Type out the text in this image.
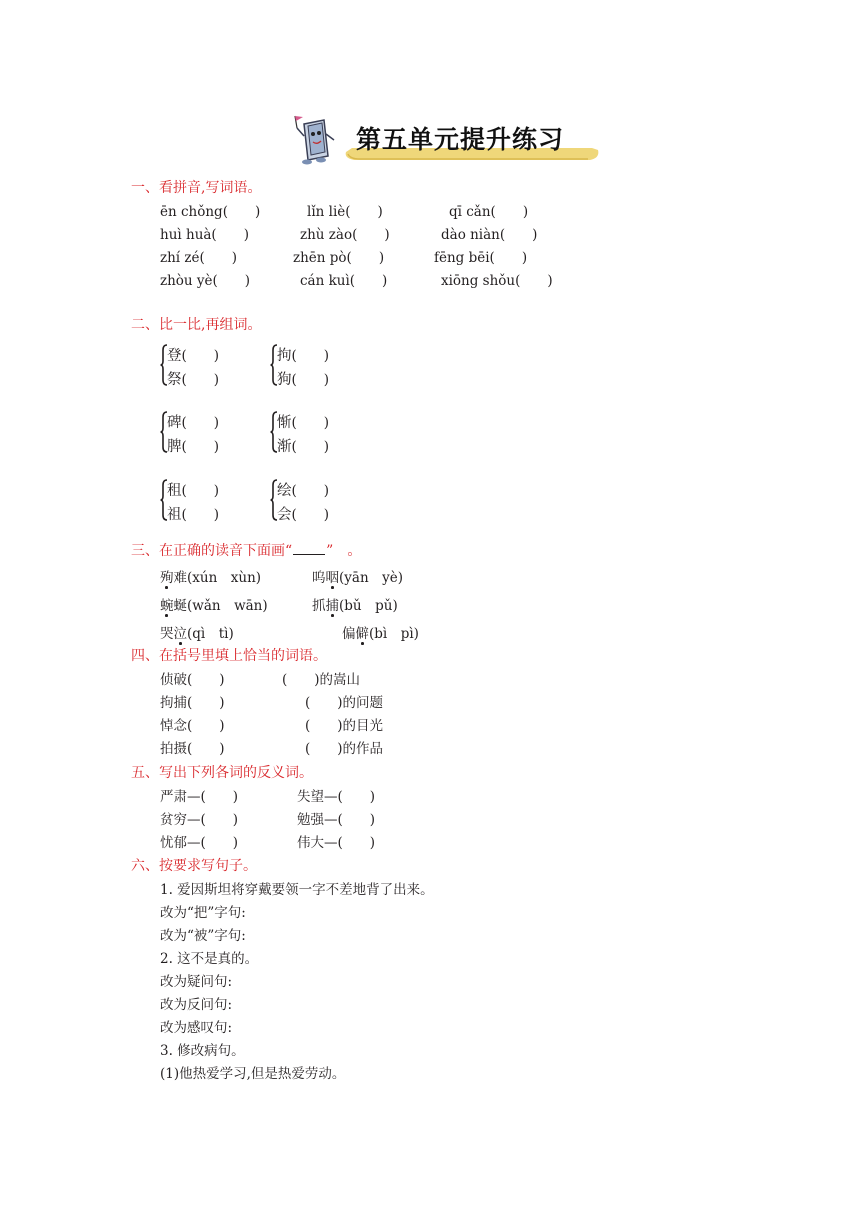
第五单元提升练习
一、看拼音,写词语。
ēn chǒng(　　)	lǐn liè(　　)	qī cǎn(　　)
huì huà(　　)	zhù zào(　　)	dào niàn(　　)
zhí zé(　　)	zhēn pò(　　)	fēng bēi(　　)
zhòu yè(　　)	cán kuì(　　)	xiōng shǒu(　　)
二、比一比,再组词。
登(　　)
祭(　　)
拘(　　)
狗(　　)
碑(　　)
脾(　　)
惭(　　)
渐(　　)
租(　　)
祖(　　)
绘(　　)
会(　　)
三、在正确的读音下面画“ ”　。
殉难(xún　xùn)	呜咽(yān　yè)
蜿蜒(wǎn　wān)	抓捕(bǔ　pǔ)
哭泣(qì　tì)	偏僻(bì　pì)
四、在括号里填上恰当的词语。
侦破(　　)	(　　)的嵩山
拘捕(　　)	(　　)的问题
悼念(　　)	(　　)的目光
拍摄(　　)	(　　)的作品
五、写出下列各词的反义词。
严肃—(　　)	失望—(　　)
贫穷—(　　)	勉强—(　　)
忧郁—(　　)	伟大—(　　)
六、按要求写句子。
1. 爱因斯坦将穿戴要领一字不差地背了出来。
改为“把”字句:
改为“被”字句:
2. 这不是真的。
改为疑问句:
改为反问句:
改为感叹句:
3. 修改病句。
(1)他热爱学习,但是热爱劳动。
